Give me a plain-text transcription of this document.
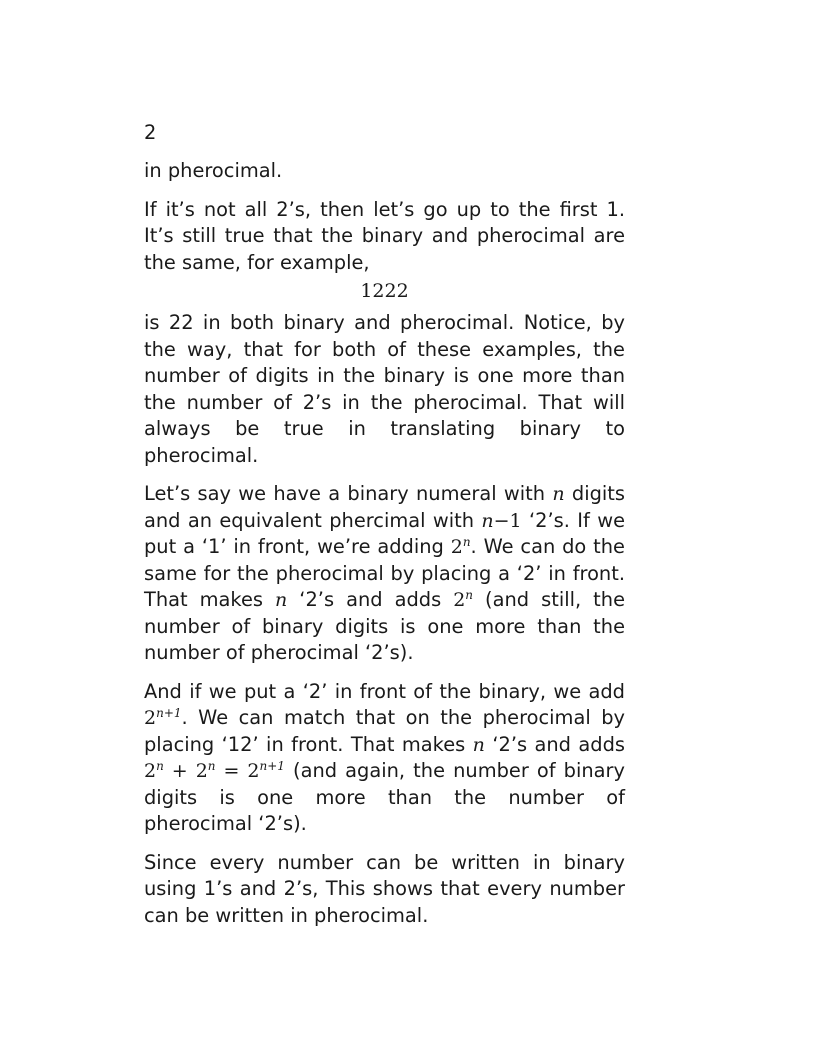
2

in pherocimal.

If it’s not all 2’s, then let’s go up to the first 1. It’s still true that the binary and pherocimal are the same, for example,

1222

is 22 in both binary and pherocimal. Notice, by the way, that for both of these examples, the number of digits in the binary is one more than the number of 2’s in the pherocimal. That will always be true in translating binary to pherocimal.

Let’s say we have a binary numeral with n digits and an equivalent phercimal with n−1 ‘2’s. If we put a ‘1’ in front, we’re adding 2$^n$. We can do the same for the pherocimal by placing a ‘2’ in front. That makes n ‘2’s and adds 2$^n$ (and still, the number of binary digits is one more than the number of pherocimal ‘2’s).

And if we put a ‘2’ in front of the binary, we add $2^{n+1}$. We can match that on the pherocimal by placing ‘12’ in front. That makes n ‘2’s and adds $2^n + 2^n = 2^{n+1}$ (and again, the number of binary digits is one more than the number of pherocimal ‘2’s).

Since every number can be written in binary using 1’s and 2’s, This shows that every number can be written in pherocimal.
